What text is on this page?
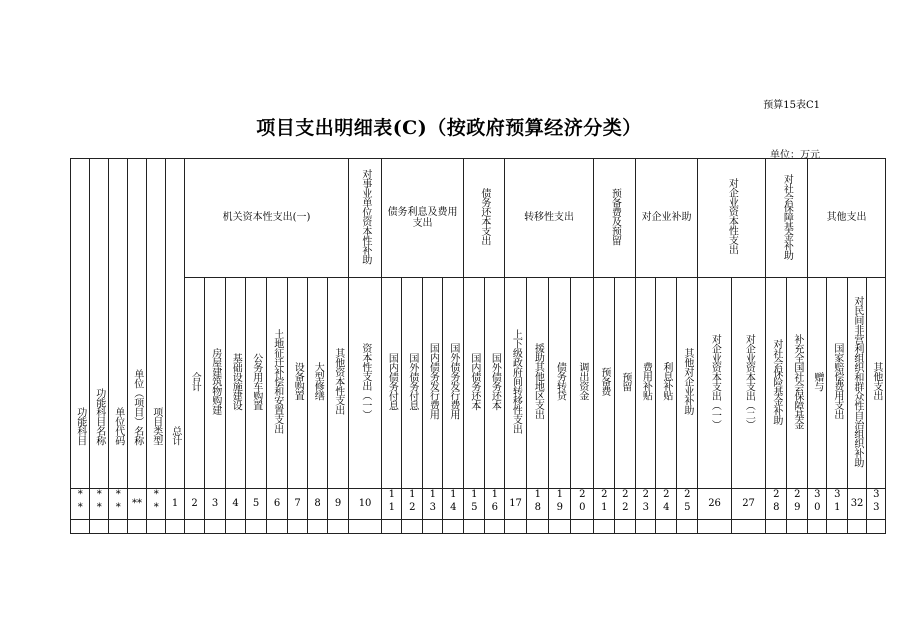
预算15表C1
项目支出明细表(C)（按政府预算经济分类）
单位：万元
功能科目	功能科目名称	单位代码	单位（项目）名称	项目类型	总计	机关资本性支出(一)								对事业单位资本性补助	债务利息及费用支出				债务还本支出		转移性支出				预备费及预留		对企业补助			对企业资本性支出		对社会保障基金补助		其他支出			
						合计	房屋建筑物购建	基础设施建设	公务用车购置	土地征迁补偿和安置支出	设备购置	大型修缮	其他资本性支出	资本性支出（一）	国内债务付息	国外债务付息	国内债务发行费用	国外债务发行费用	国内债务还本	国外债务还本	上下级政府间转移性支出	援助其他地区支出	债务转贷	调出资金	预备费	预留	费用补贴	利息补贴	其他对企业补助	对企业资本支出（一）	对企业资本支出（二）	对社会保险基金补助	补充全国社会保障基金	赠与	国家赔偿费用支出	对民间非营利组织和群众性自治组织补助	其他支出
**	**	**	**	**	1	2	3	4	5	6	7	8	9	10	11	12	13	14	15	16	17	18	19	20	21	22	23	24	25	26	27	28	29	30	31	32	33
